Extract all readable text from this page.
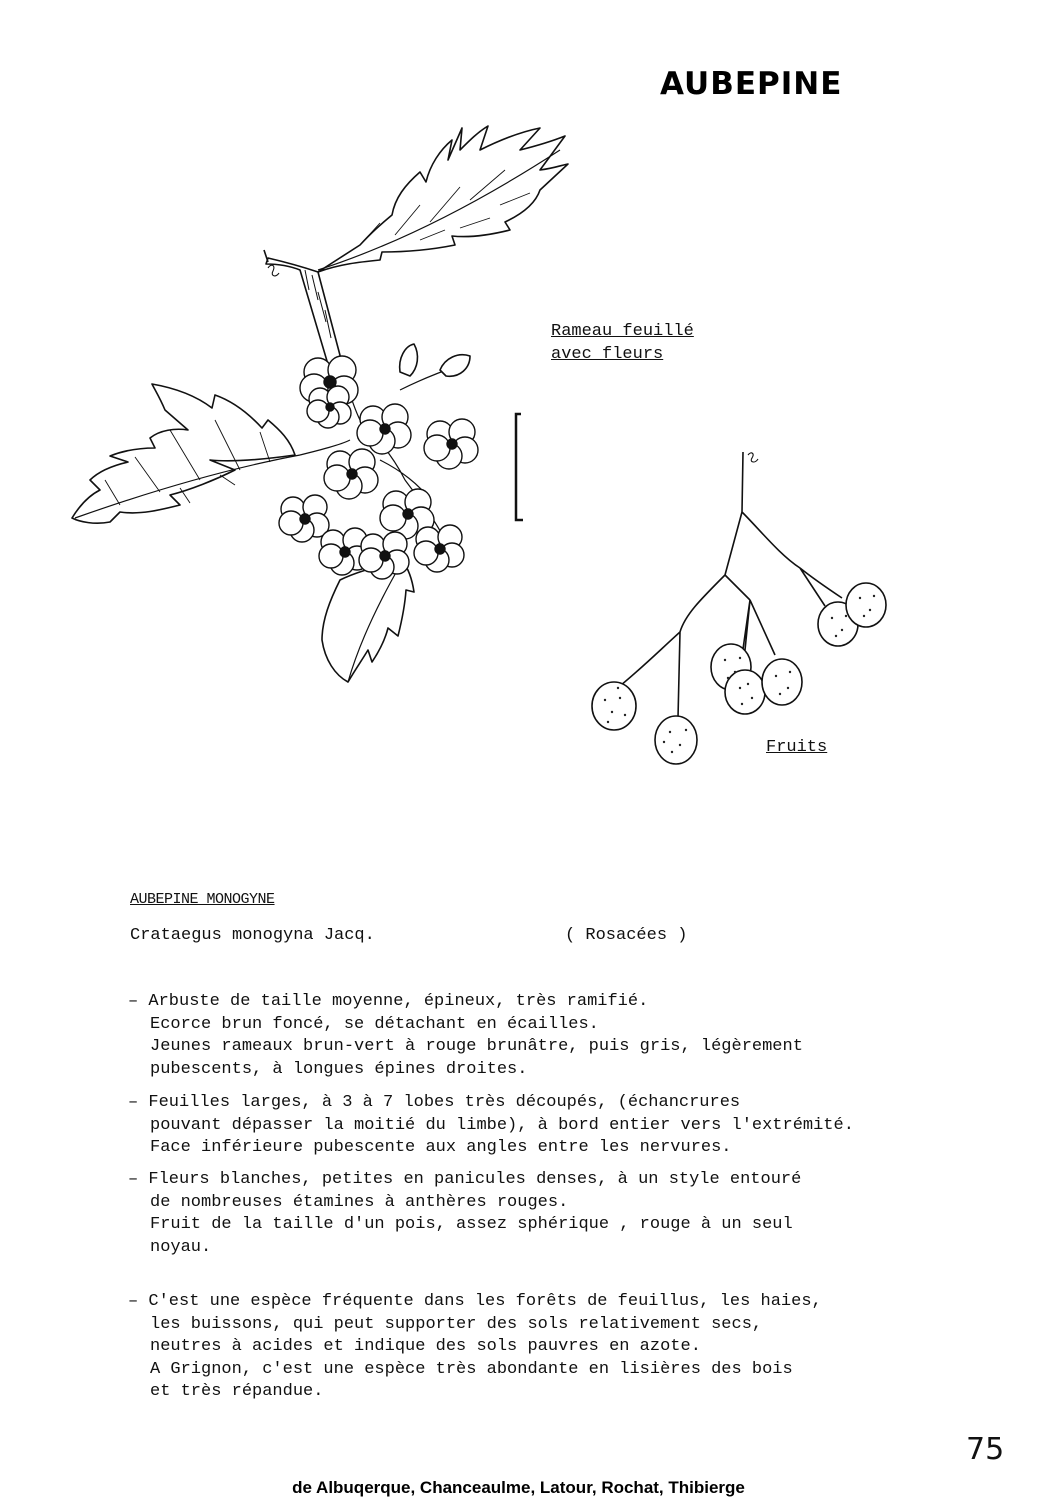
AUBEPINE
Rameau feuillé
avec fleurs
Fruits
AUBEPINE MONOGYNE
Crataegus monogyna Jacq.	( Rosacées )
– Arbuste de taille moyenne, épineux, très ramifié.
Ecorce brun foncé, se détachant en écailles.
Jeunes rameaux brun-vert à rouge brunâtre, puis gris, légèrement
pubescents, à longues épines droites.
– Feuilles larges, à 3 à 7 lobes très découpés, (échancrures
pouvant dépasser la moitié du limbe), à bord entier vers l'extrémité.
Face inférieure pubescente aux angles entre les nervures.
– Fleurs blanches, petites en panicules denses, à un style entouré
de nombreuses étamines à anthères rouges.
Fruit de la taille d'un pois, assez sphérique , rouge à un seul
noyau.
– C'est une espèce fréquente dans les forêts de feuillus, les haies,
les buissons, qui peut supporter des sols relativement secs,
neutres à acides et indique des sols pauvres en azote.
A Grignon, c'est une espèce très abondante en lisières des bois
et très répandue.
75
de Albuqerque, Chanceaulme, Latour, Rochat, Thibierge
